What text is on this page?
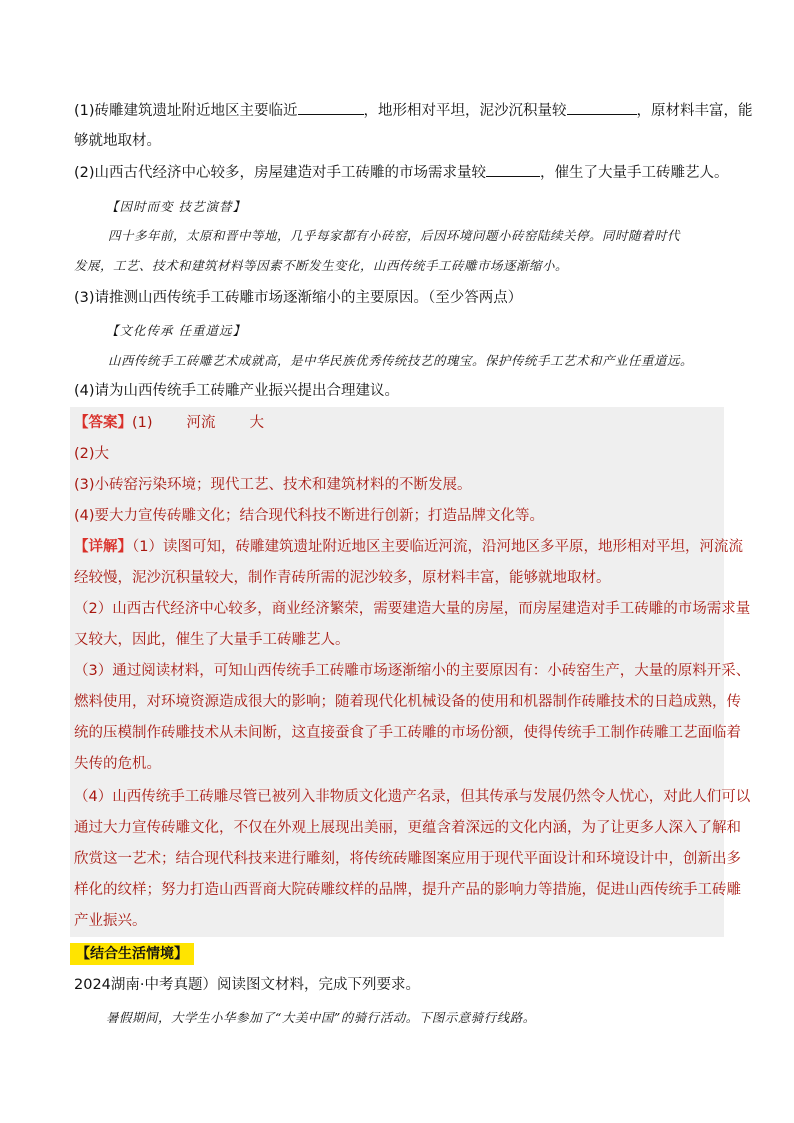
(1)砖雕建筑遗址附近地区主要临近	，地形相对平坦，泥沙沉积量较	，原材料丰富，能
够就地取材。
(2)山西古代经济中心较多，房屋建造对手工砖雕的市场需求量较	，催生了大量手工砖雕艺人。
【因时而变 技艺演替】
四十多年前，太原和晋中等地，几乎每家都有小砖窑，后因环境问题小砖窑陆续关停。同时随着时代
发展，工艺、技术和建筑材料等因素不断发生变化，山西传统手工砖雕市场逐渐缩小。
(3)请推测山西传统手工砖雕市场逐渐缩小的主要原因。（至少答两点）
【文化传承 任重道远】
山西传统手工砖雕艺术成就高，是中华民族优秀传统技艺的瑰宝。保护传统手工艺术和产业任重道远。
(4)请为山西传统手工砖雕产业振兴提出合理建议。
【答案】(1) 河流 大
(2)大
(3)小砖窑污染环境；现代工艺、技术和建筑材料的不断发展。
(4)要大力宣传砖雕文化；结合现代科技不断进行创新；打造品牌文化等。
【详解】（1）读图可知，砖雕建筑遗址附近地区主要临近河流，沿河地区多平原，地形相对平坦，河流流
经较慢，泥沙沉积量较大，制作青砖所需的泥沙较多，原材料丰富，能够就地取材。
（2）山西古代经济中心较多，商业经济繁荣，需要建造大量的房屋，而房屋建造对手工砖雕的市场需求量
又较大，因此，催生了大量手工砖雕艺人。
（3）通过阅读材料，可知山西传统手工砖雕市场逐渐缩小的主要原因有：小砖窑生产，大量的原料开采、
燃料使用，对环境资源造成很大的影响；随着现代化机械设备的使用和机器制作砖雕技术的日趋成熟，传
统的压模制作砖雕技术从未间断，这直接蚕食了手工砖雕的市场份额，使得传统手工制作砖雕工艺面临着
失传的危机。
（4）山西传统手工砖雕尽管已被列入非物质文化遗产名录，但其传承与发展仍然令人忧心，对此人们可以
通过大力宣传砖雕文化，不仅在外观上展现出美丽，更蕴含着深远的文化内涵，为了让更多人深入了解和
欣赏这一艺术；结合现代科技来进行雕刻，将传统砖雕图案应用于现代平面设计和环境设计中，创新出多
样化的纹样；努力打造山西晋商大院砖雕纹样的品牌，提升产品的影响力等措施，促进山西传统手工砖雕
产业振兴。
【结合生活情境】
2024湖南·中考真题）阅读图文材料，完成下列要求。
暑假期间，大学生小华参加了“大美中国”的骑行活动。下图示意骑行线路。
